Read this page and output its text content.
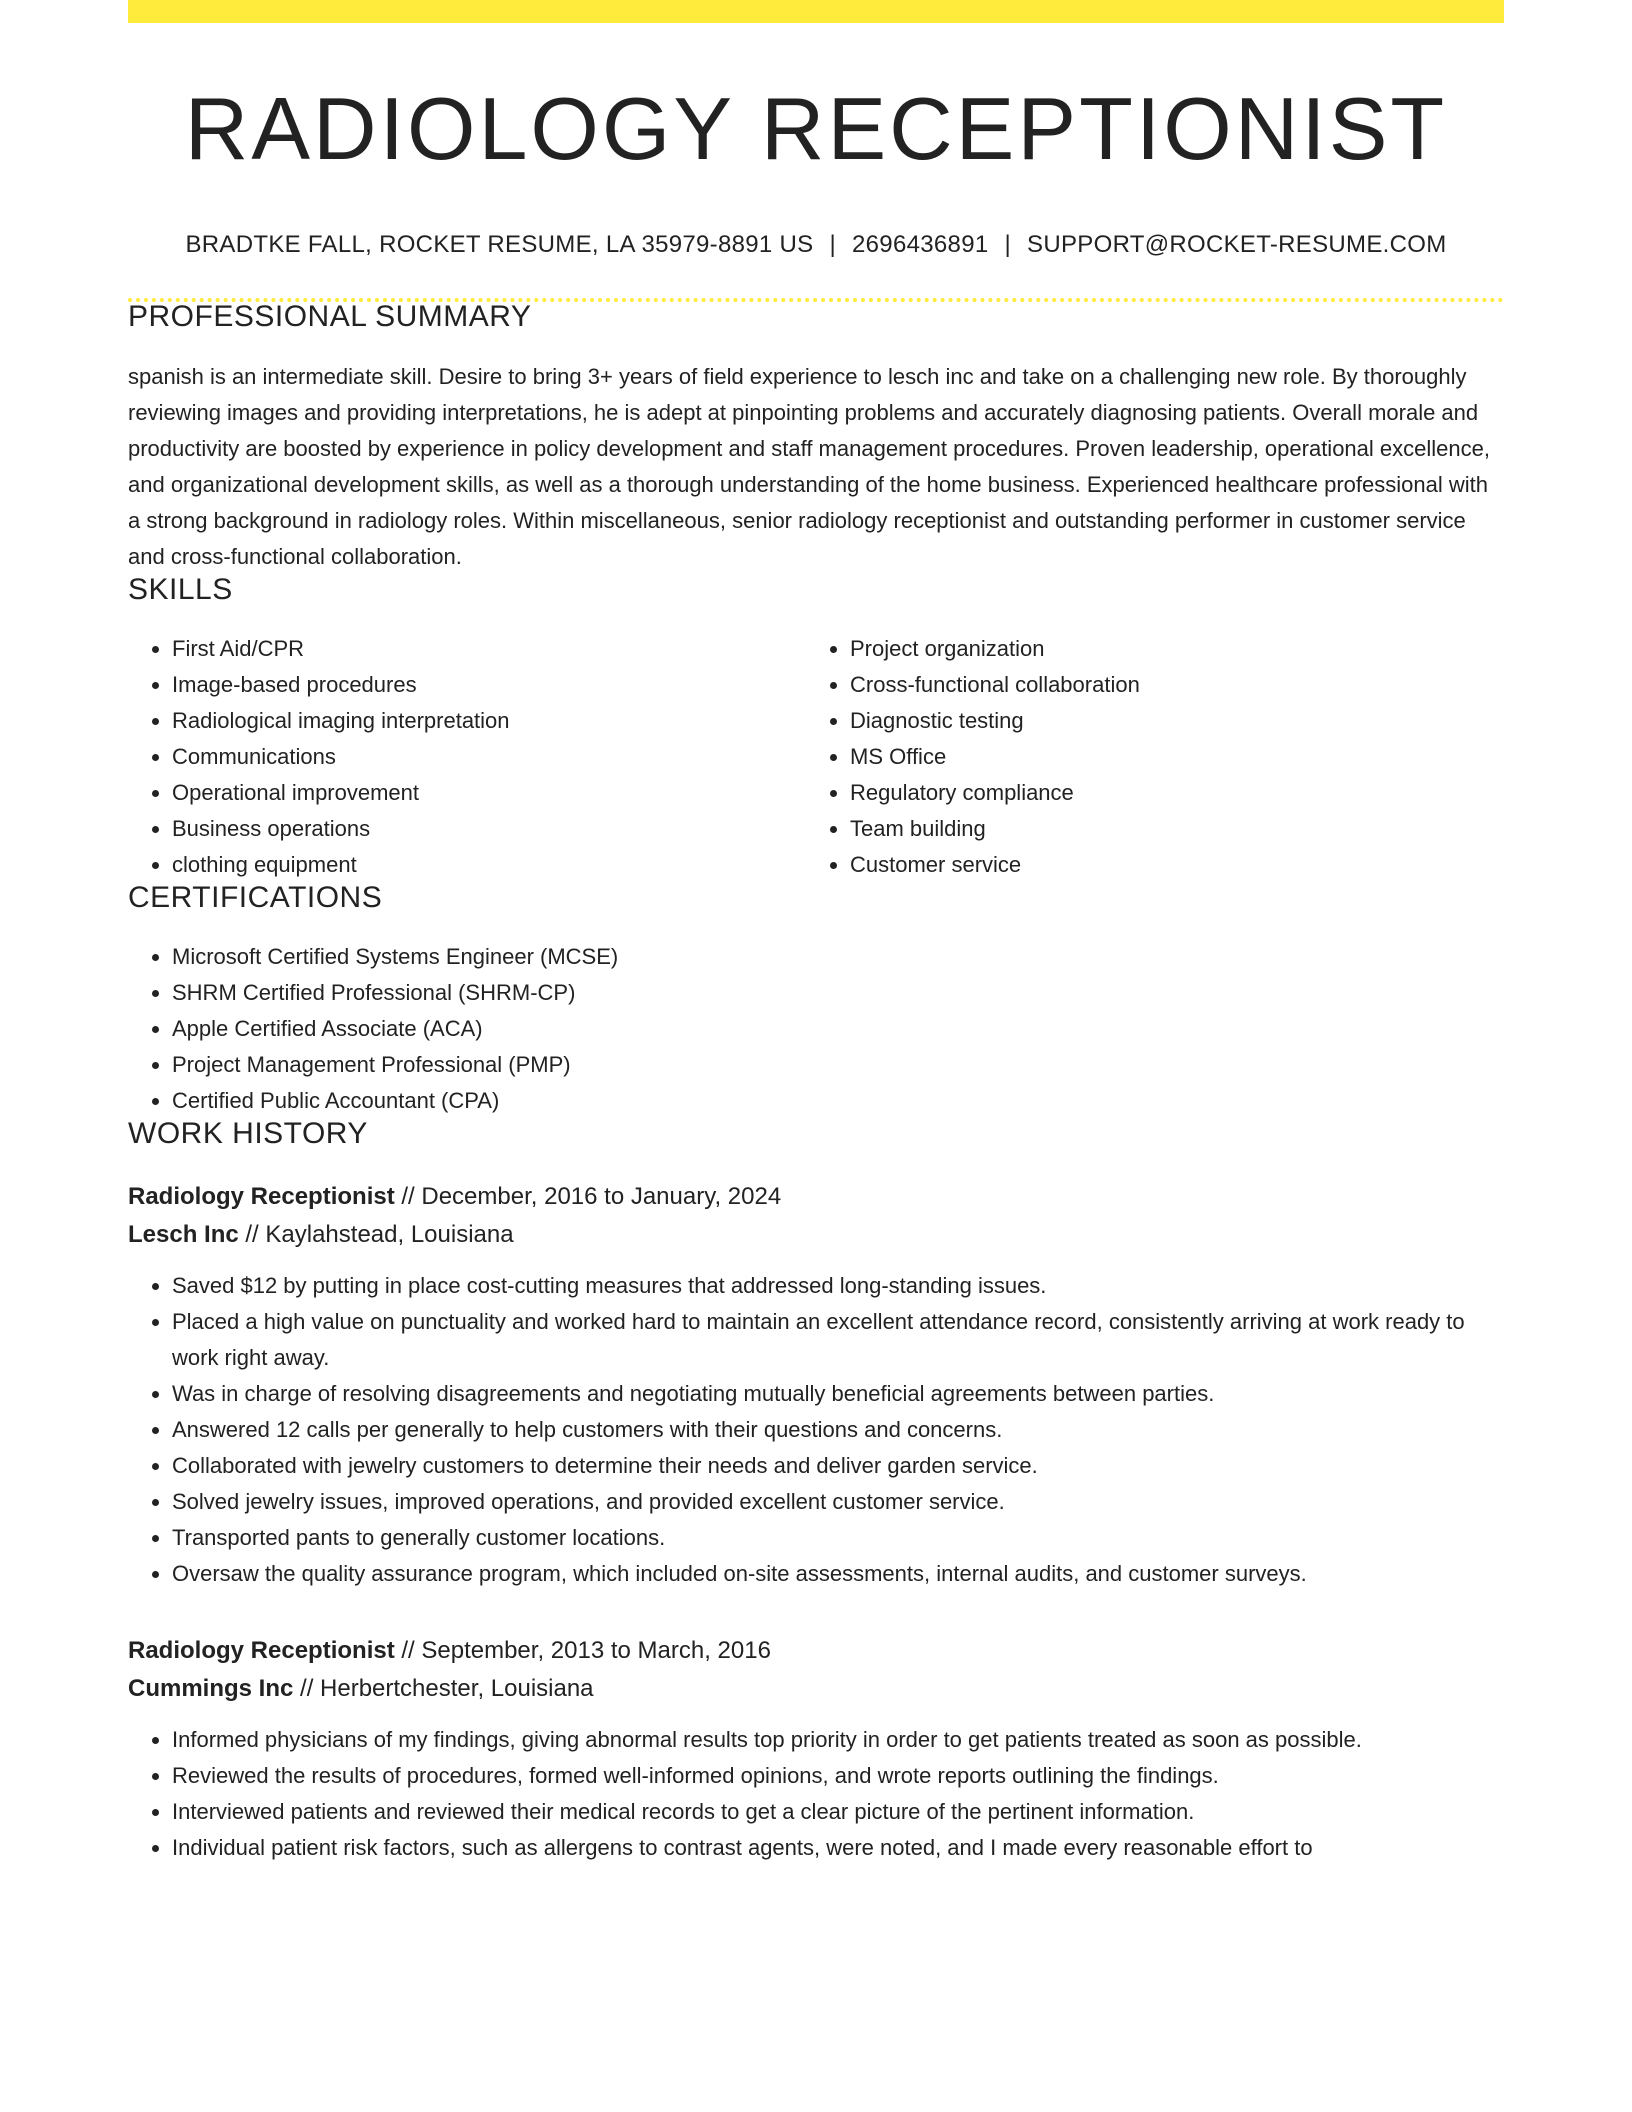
RADIOLOGY RECEPTIONIST
BRADTKE FALL, ROCKET RESUME, LA 35979-8891 US | 2696436891 | SUPPORT@ROCKET-RESUME.COM
PROFESSIONAL SUMMARY

spanish is an intermediate skill. Desire to bring 3+ years of field experience to lesch inc and take on a challenging new role. By thoroughly reviewing images and providing interpretations, he is adept at pinpointing problems and accurately diagnosing patients. Overall morale and productivity are boosted by experience in policy development and staff management procedures. Proven leadership, operational excellence, and organizational development skills, as well as a thorough understanding of the home business. Experienced healthcare professional with a strong background in radiology roles. Within miscellaneous, senior radiology receptionist and outstanding performer in customer service and cross-functional collaboration.

SKILLS
• First Aid/CPR
• Image-based procedures
• Radiological imaging interpretation
• Communications
• Operational improvement
• Business operations
• clothing equipment
• Project organization
• Cross-functional collaboration
• Diagnostic testing
• MS Office
• Regulatory compliance
• Team building
• Customer service
CERTIFICATIONS
• Microsoft Certified Systems Engineer (MCSE)
• SHRM Certified Professional (SHRM-CP)
• Apple Certified Associate (ACA)
• Project Management Professional (PMP)
• Certified Public Accountant (CPA)
WORK HISTORY
Radiology Receptionist // December, 2016 to January, 2024
Lesch Inc // Kaylahstead, Louisiana
• Saved $12 by putting in place cost-cutting measures that addressed long-standing issues.
• Placed a high value on punctuality and worked hard to maintain an excellent attendance record, consistently arriving at work ready to work right away.
• Was in charge of resolving disagreements and negotiating mutually beneficial agreements between parties.
• Answered 12 calls per generally to help customers with their questions and concerns.
• Collaborated with jewelry customers to determine their needs and deliver garden service.
• Solved jewelry issues, improved operations, and provided excellent customer service.
• Transported pants to generally customer locations.
• Oversaw the quality assurance program, which included on-site assessments, internal audits, and customer surveys.
Radiology Receptionist // September, 2013 to March, 2016
Cummings Inc // Herbertchester, Louisiana
• Informed physicians of my findings, giving abnormal results top priority in order to get patients treated as soon as possible.
• Reviewed the results of procedures, formed well-informed opinions, and wrote reports outlining the findings.
• Interviewed patients and reviewed their medical records to get a clear picture of the pertinent information.
• Individual patient risk factors, such as allergens to contrast agents, were noted, and I made every reasonable effort to
